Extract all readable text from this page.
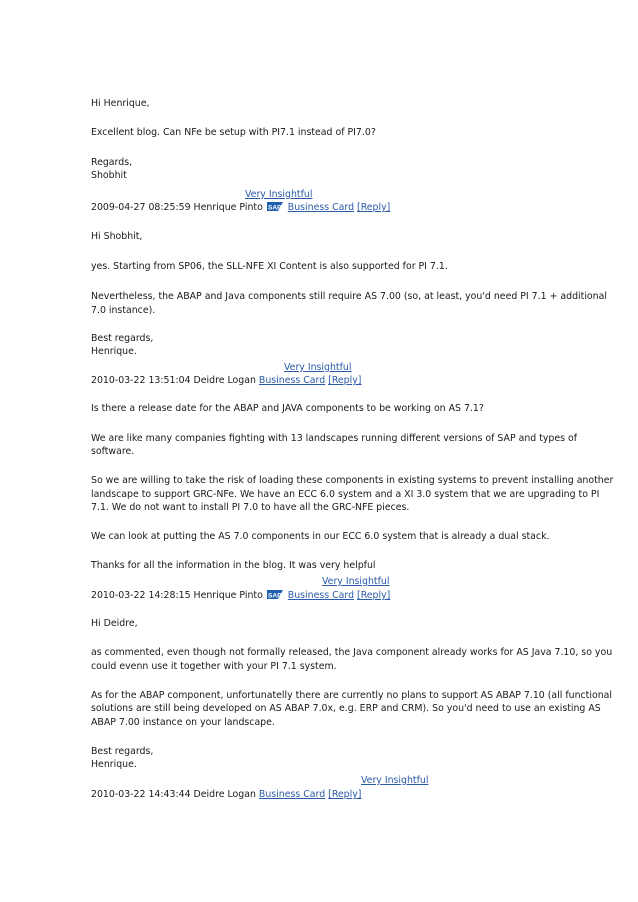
Hi Henrique,
Excellent blog. Can NFe be setup with PI7.1 instead of PI7.0?
Regards,
Shobhit
Very Insightful
2009-04-27 08:25:59 Henrique Pinto SAP Business Card [Reply]
Hi Shobhit,
yes. Starting from SP06, the SLL-NFE XI Content is also supported for PI 7.1.
Nevertheless, the ABAP and Java components still require AS 7.00 (so, at least, you'd need PI 7.1 + additional
7.0 instance).
Best regards,
Henrique.
Very Insightful
2010-03-22 13:51:04 Deidre Logan Business Card [Reply]
Is there a release date for the ABAP and JAVA components to be working on AS 7.1?
We are like many companies fighting with 13 landscapes running different versions of SAP and types of
software.
So we are willing to take the risk of loading these components in existing systems to prevent installing another
landscape to support GRC-NFe. We have an ECC 6.0 system and a XI 3.0 system that we are upgrading to PI
7.1. We do not want to install PI 7.0 to have all the GRC-NFE pieces.
We can look at putting the AS 7.0 components in our ECC 6.0 system that is already a dual stack.
Thanks for all the information in the blog. It was very helpful
Very Insightful
2010-03-22 14:28:15 Henrique Pinto SAP Business Card [Reply]
Hi Deidre,
as commented, even though not formally released, the Java component already works for AS Java 7.10, so you
could evenn use it together with your PI 7.1 system.
As for the ABAP component, unfortunatelly there are currently no plans to support AS ABAP 7.10 (all functional
solutions are still being developed on AS ABAP 7.0x, e.g. ERP and CRM). So you'd need to use an existing AS
ABAP 7.00 instance on your landscape.
Best regards,
Henrique.
Very Insightful
2010-03-22 14:43:44 Deidre Logan Business Card [Reply]
